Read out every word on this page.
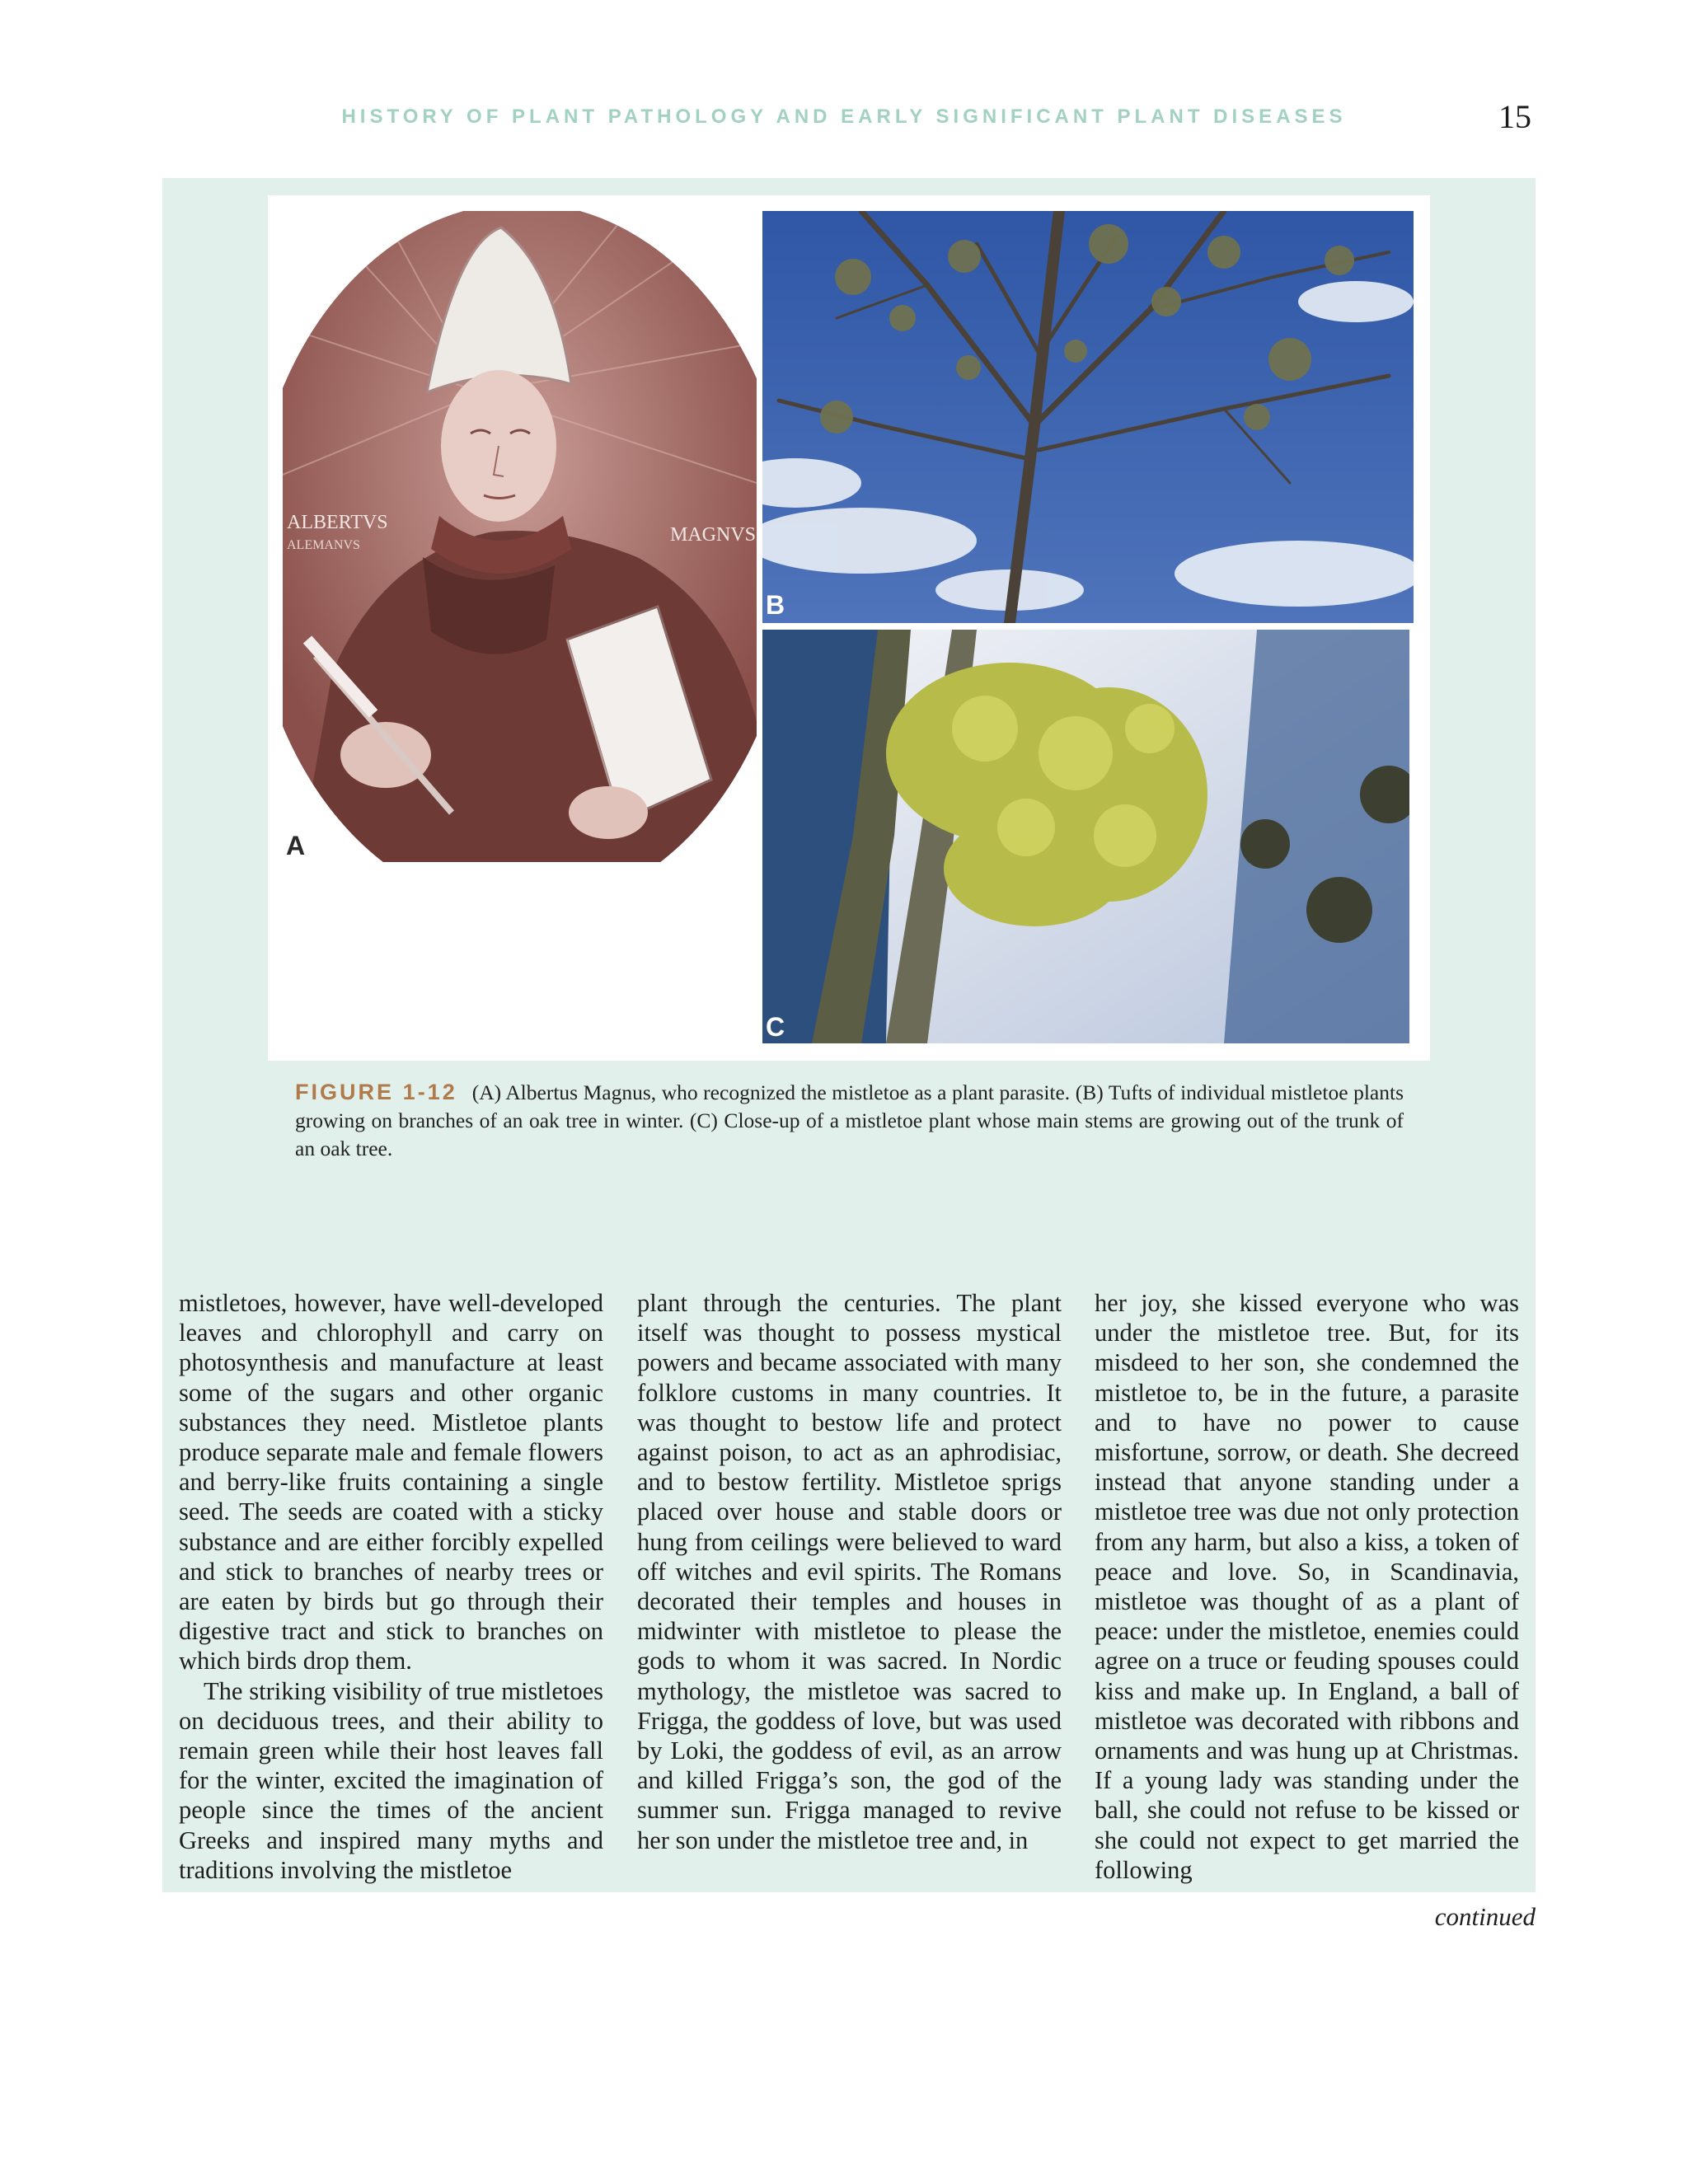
HISTORY OF PLANT PATHOLOGY AND EARLY SIGNIFICANT PLANT DISEASES	15
ALBERTVS
ALEMANVS	MAGNVS
A
B
C
FIGURE 1-12 (A) Albertus Magnus, who recognized the mistletoe as a plant parasite. (B) Tufts of individual mistletoe plants growing on branches of an oak tree in winter. (C) Close-up of a mistletoe plant whose main stems are growing out of the trunk of an oak tree.

mistletoes, however, have well-developed leaves and chlorophyll and carry on photosynthesis and manufacture at least some of the sugars and other organic substances they need. Mistletoe plants produce separate male and female flowers and berry-like fruits containing a single seed. The seeds are coated with a sticky substance and are either forcibly expelled and stick to branches of nearby trees or are eaten by birds but go through their digestive tract and stick to branches on which birds drop them.

The striking visibility of true mistletoes on deciduous trees, and their ability to remain green while their host leaves fall for the winter, excited the imagination of people since the times of the ancient Greeks and inspired many myths and traditions involving the mistletoe

plant through the centuries. The plant itself was thought to possess mystical powers and became associated with many folklore customs in many countries. It was thought to bestow life and protect against poison, to act as an aphrodisiac, and to bestow fertility. Mistletoe sprigs placed over house and stable doors or hung from ceilings were believed to ward off witches and evil spirits. The Romans decorated their temples and houses in midwinter with mistletoe to please the gods to whom it was sacred. In Nordic mythology, the mistletoe was sacred to Frigga, the goddess of love, but was used by Loki, the goddess of evil, as an arrow and killed Frigga’s son, the god of the summer sun. Frigga managed to revive her son under the mistletoe tree and, in

her joy, she kissed everyone who was under the mistletoe tree. But, for its misdeed to her son, she condemned the mistletoe to, be in the future, a parasite and to have no power to cause misfortune, sorrow, or death. She decreed instead that anyone standing under a mistletoe tree was due not only protection from any harm, but also a kiss, a token of peace and love. So, in Scandinavia, mistletoe was thought of as a plant of peace: under the mistletoe, enemies could agree on a truce or feuding spouses could kiss and make up. In England, a ball of mistletoe was decorated with ribbons and ornaments and was hung up at Christmas. If a young lady was standing under the ball, she could not refuse to be kissed or she could not expect to get married the following

continued
